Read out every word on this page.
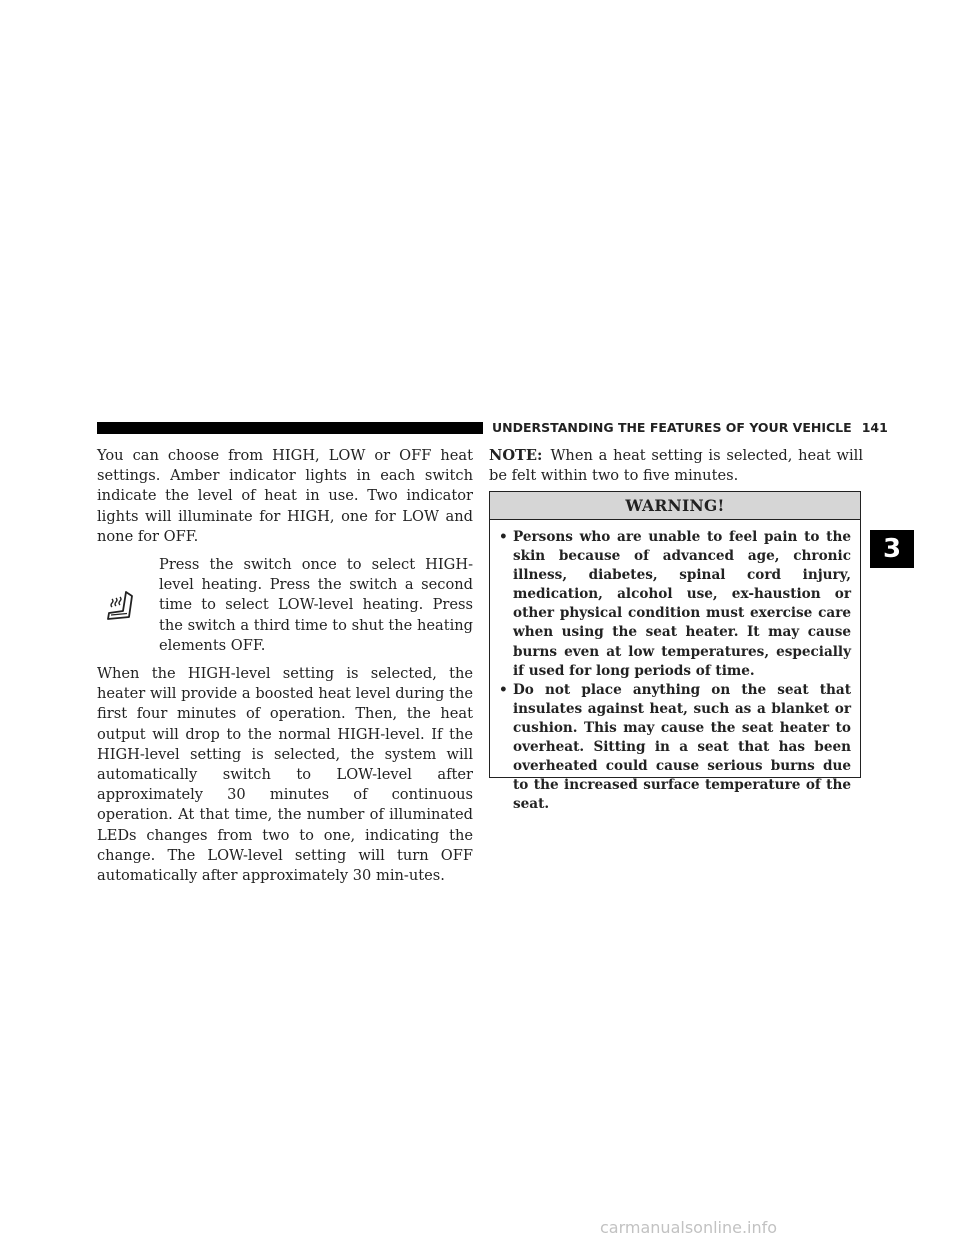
UNDERSTANDING THE FEATURES OF YOUR VEHICLE 141

You can choose from HIGH, LOW or OFF heat settings. Amber indicator lights in each switch indicate the level of heat in use. Two indicator lights will illuminate for HIGH, one for LOW and none for OFF.

Press the switch once to select HIGH-level heating. Press the switch a second time to select LOW-level heating. Press the switch a third time to shut the heating elements OFF.

When the HIGH-level setting is selected, the heater will provide a boosted heat level during the first four minutes of operation. Then, the heat output will drop to the normal HIGH-level. If the HIGH-level setting is selected, the system will automatically switch to LOW-level after approximately 30 minutes of continuous operation. At that time, the number of illuminated LEDs changes from two to one, indicating the change. The LOW-level setting will turn OFF automatically after approximately 30 min-utes.

NOTE: When a heat setting is selected, heat will be felt within two to five minutes.

WARNING!
• Persons who are unable to feel pain to the skin because of advanced age, chronic illness, diabetes, spinal cord injury, medication, alcohol use, ex-haustion or other physical condition must exercise care when using the seat heater. It may cause burns even at low temperatures, especially if used for long periods of time.
• Do not place anything on the seat that insulates against heat, such as a blanket or cushion. This may cause the seat heater to overheat. Sitting in a seat that has been overheated could cause serious burns due to the increased surface temperature of the seat.
3
carmanualsonline.info
